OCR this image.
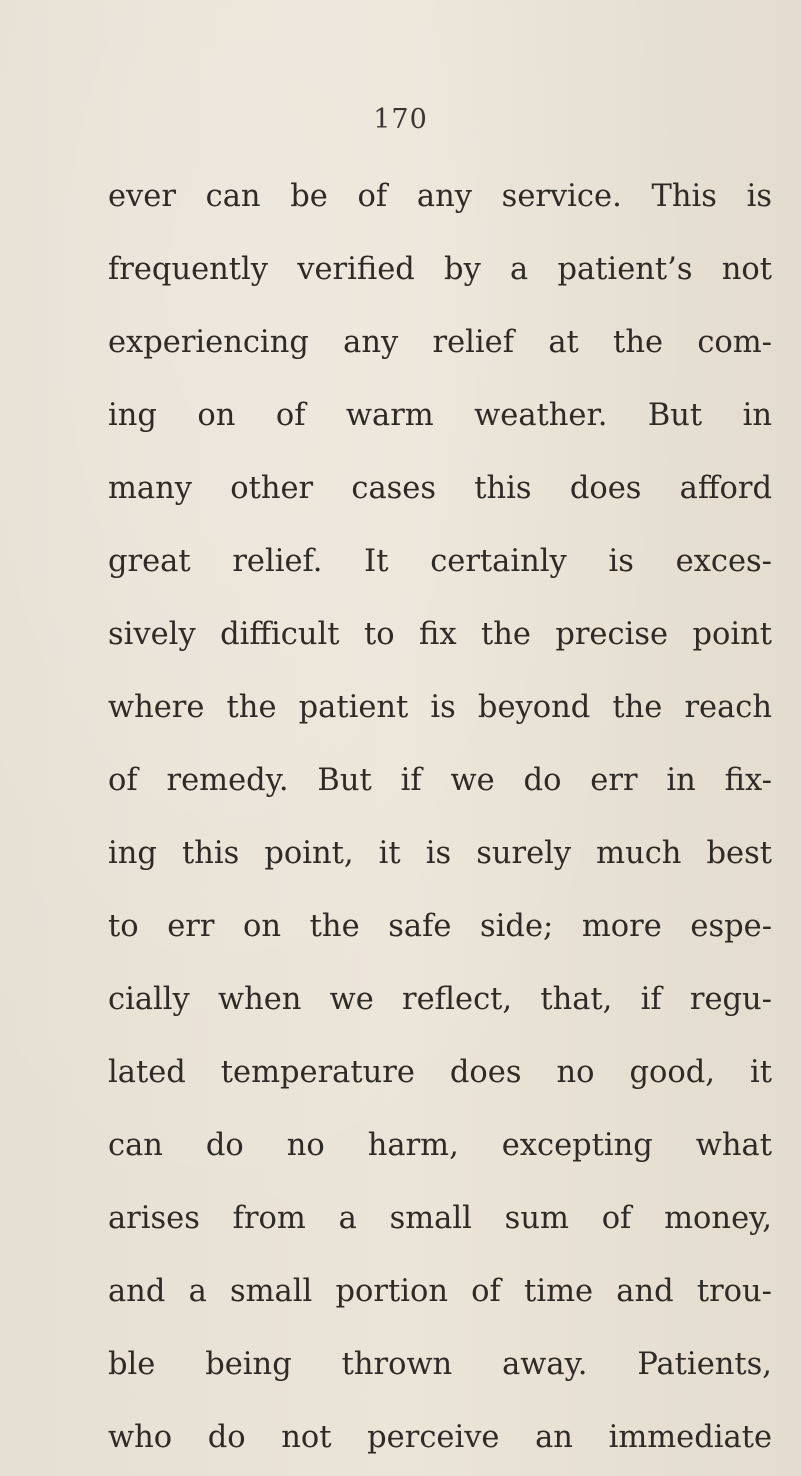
170
ever can be of any service. This is
frequently verified by a patient’s not
experiencing any relief at the com-
ing on of warm weather. But in
many other cases this does afford
great relief. It certainly is exces-
sively difficult to fix the precise point
where the patient is beyond the reach
of remedy. But if we do err in fix-
ing this point, it is surely much best
to err on the safe side; more espe-
cially when we reflect, that, if regu-
lated temperature does no good, it
can do no harm, excepting what
arises from a small sum of money,
and a small portion of time and trou-
ble being thrown away. Patients,
who do not perceive an immediate
